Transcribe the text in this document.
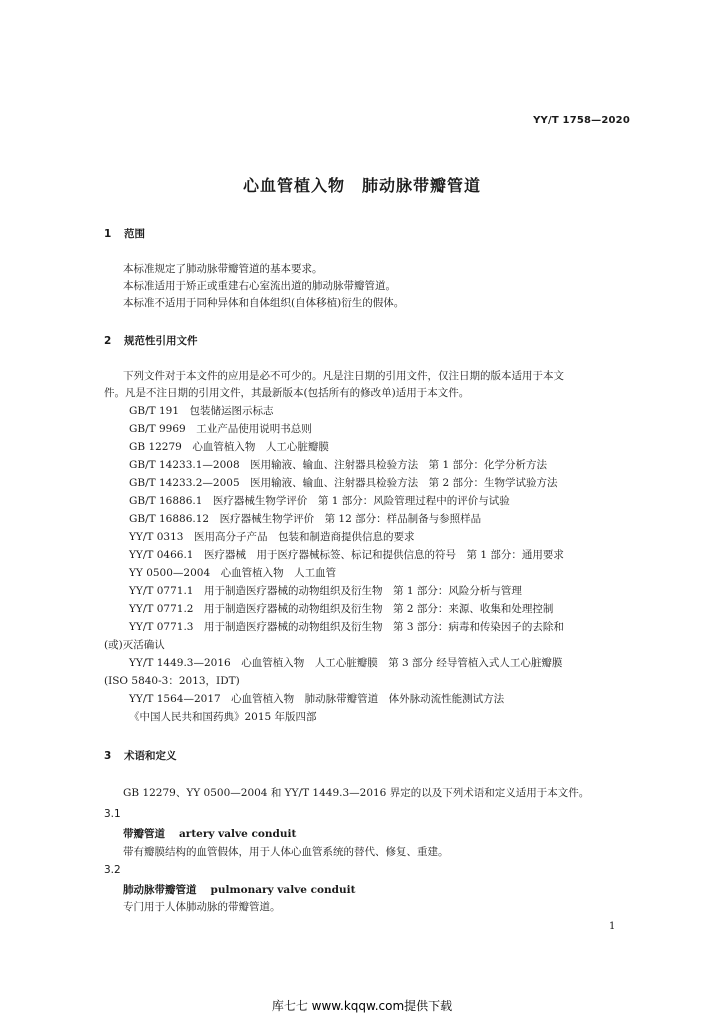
YY/T 1758—2020
心血管植入物　肺动脉带瓣管道
1 范围
本标准规定了肺动脉带瓣管道的基本要求。
本标准适用于矫正或重建右心室流出道的肺动脉带瓣管道。
本标准不适用于同种异体和自体组织(自体移植)衍生的假体。
2 规范性引用文件
下列文件对于本文件的应用是必不可少的。凡是注日期的引用文件，仅注日期的版本适用于本文
件。凡是不注日期的引用文件，其最新版本(包括所有的修改单)适用于本文件。
GB/T 191　包装储运图示标志
GB/T 9969　工业产品使用说明书总则
GB 12279　心血管植入物　人工心脏瓣膜
GB/T 14233.1—2008　医用输液、输血、注射器具检验方法　第 1 部分：化学分析方法
GB/T 14233.2—2005　医用输液、输血、注射器具检验方法　第 2 部分：生物学试验方法
GB/T 16886.1　医疗器械生物学评价　第 1 部分：风险管理过程中的评价与试验
GB/T 16886.12　医疗器械生物学评价　第 12 部分：样品制备与参照样品
YY/T 0313　医用高分子产品　包装和制造商提供信息的要求
YY/T 0466.1　医疗器械　用于医疗器械标签、标记和提供信息的符号　第 1 部分：通用要求
YY 0500—2004　心血管植入物　人工血管
YY/T 0771.1　用于制造医疗器械的动物组织及衍生物　第 1 部分：风险分析与管理
YY/T 0771.2　用于制造医疗器械的动物组织及衍生物　第 2 部分：来源、收集和处理控制
YY/T 0771.3　用于制造医疗器械的动物组织及衍生物　第 3 部分：病毒和传染因子的去除和
(或)灭活确认
YY/T 1449.3—2016　心血管植入物　人工心脏瓣膜　第 3 部分 经导管植入式人工心脏瓣膜
(ISO 5840-3：2013，IDT)
YY/T 1564—2017　心血管植入物　肺动脉带瓣管道　体外脉动流性能测试方法
《中国人民共和国药典》2015 年版四部
3 术语和定义
GB 12279、YY 0500—2004 和 YY/T 1449.3—2016 界定的以及下列术语和定义适用于本文件。
3.1
带瓣管道 artery valve conduit
带有瓣膜结构的血管假体，用于人体心血管系统的替代、修复、重建。
3.2
肺动脉带瓣管道 pulmonary valve conduit
专门用于人体肺动脉的带瓣管道。
1
库七七 www.kqqw.com提供下载
